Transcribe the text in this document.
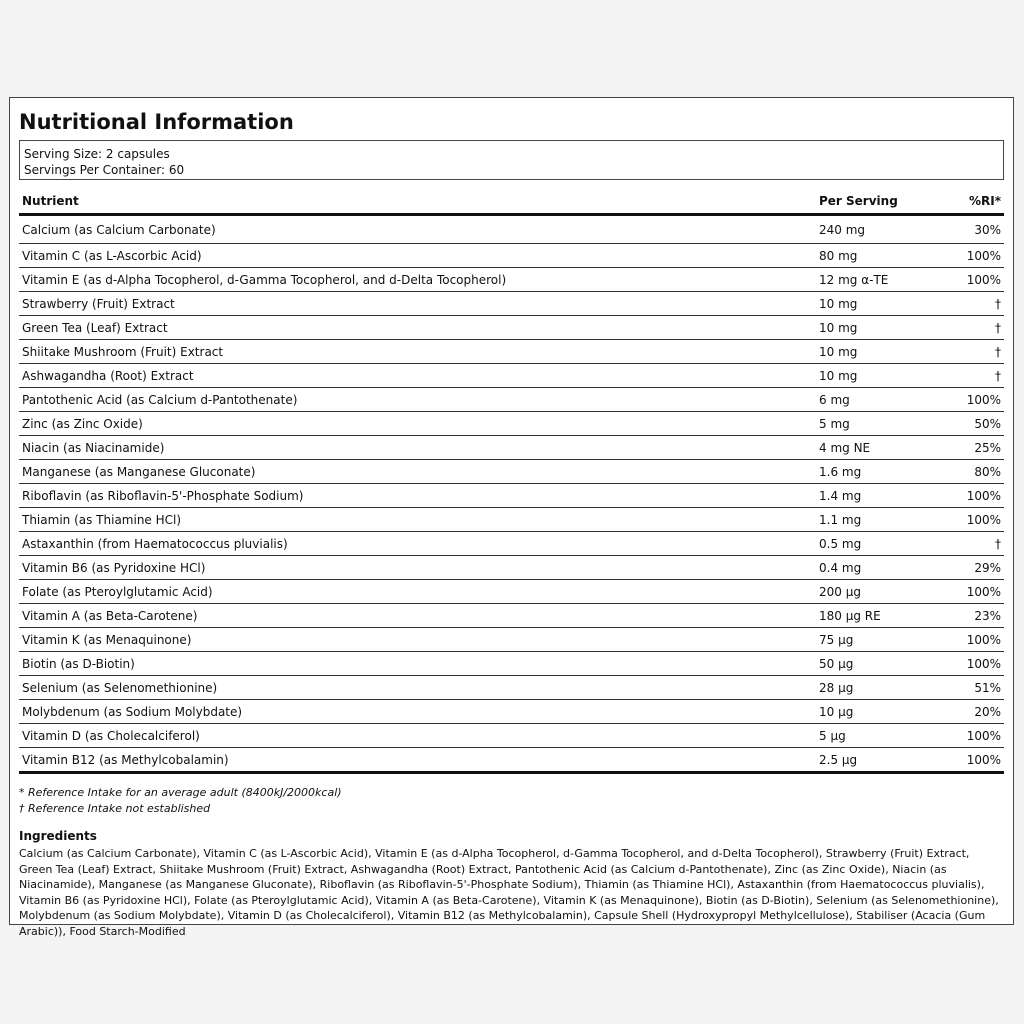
Nutritional Information
Serving Size: 2 capsules
Servings Per Container: 60
Nutrient	Per Serving	%RI*
Calcium (as Calcium Carbonate)	240 mg	30%
Vitamin C (as L-Ascorbic Acid)	80 mg	100%
Vitamin E (as d-Alpha Tocopherol, d-Gamma Tocopherol, and d-Delta Tocopherol)	12 mg α-TE	100%
Strawberry (Fruit) Extract	10 mg	†
Green Tea (Leaf) Extract	10 mg	†
Shiitake Mushroom (Fruit) Extract	10 mg	†
Ashwagandha (Root) Extract	10 mg	†
Pantothenic Acid (as Calcium d-Pantothenate)	6 mg	100%
Zinc (as Zinc Oxide)	5 mg	50%
Niacin (as Niacinamide)	4 mg NE	25%
Manganese (as Manganese Gluconate)	1.6 mg	80%
Riboflavin (as Riboflavin-5'-Phosphate Sodium)	1.4 mg	100%
Thiamin (as Thiamine HCl)	1.1 mg	100%
Astaxanthin (from Haematococcus pluvialis)	0.5 mg	†
Vitamin B6 (as Pyridoxine HCl)	0.4 mg	29%
Folate (as Pteroylglutamic Acid)	200 µg	100%
Vitamin A (as Beta-Carotene)	180 µg RE	23%
Vitamin K (as Menaquinone)	75 µg	100%
Biotin (as D-Biotin)	50 µg	100%
Selenium (as Selenomethionine)	28 µg	51%
Molybdenum (as Sodium Molybdate)	10 µg	20%
Vitamin D (as Cholecalciferol)	5 µg	100%
Vitamin B12 (as Methylcobalamin)	2.5 µg	100%
* Reference Intake for an average adult (8400kJ/2000kcal)
† Reference Intake not established
Ingredients
Calcium (as Calcium Carbonate), Vitamin C (as L-Ascorbic Acid), Vitamin E (as d-Alpha Tocopherol, d-Gamma Tocopherol, and d-Delta Tocopherol), Strawberry (Fruit) Extract, Green Tea (Leaf) Extract, Shiitake Mushroom (Fruit) Extract, Ashwagandha (Root) Extract, Pantothenic Acid (as Calcium d-Pantothenate), Zinc (as Zinc Oxide), Niacin (as Niacinamide), Manganese (as Manganese Gluconate), Riboflavin (as Riboflavin-5'-Phosphate Sodium), Thiamin (as Thiamine HCl), Astaxanthin (from Haematococcus pluvialis), Vitamin B6 (as Pyridoxine HCl), Folate (as Pteroylglutamic Acid), Vitamin A (as Beta-Carotene), Vitamin K (as Menaquinone), Biotin (as D-Biotin), Selenium (as Selenomethionine), Molybdenum (as Sodium Molybdate), Vitamin D (as Cholecalciferol), Vitamin B12 (as Methylcobalamin), Capsule Shell (Hydroxypropyl Methylcellulose), Stabiliser (Acacia (Gum Arabic)), Food Starch-Modified
